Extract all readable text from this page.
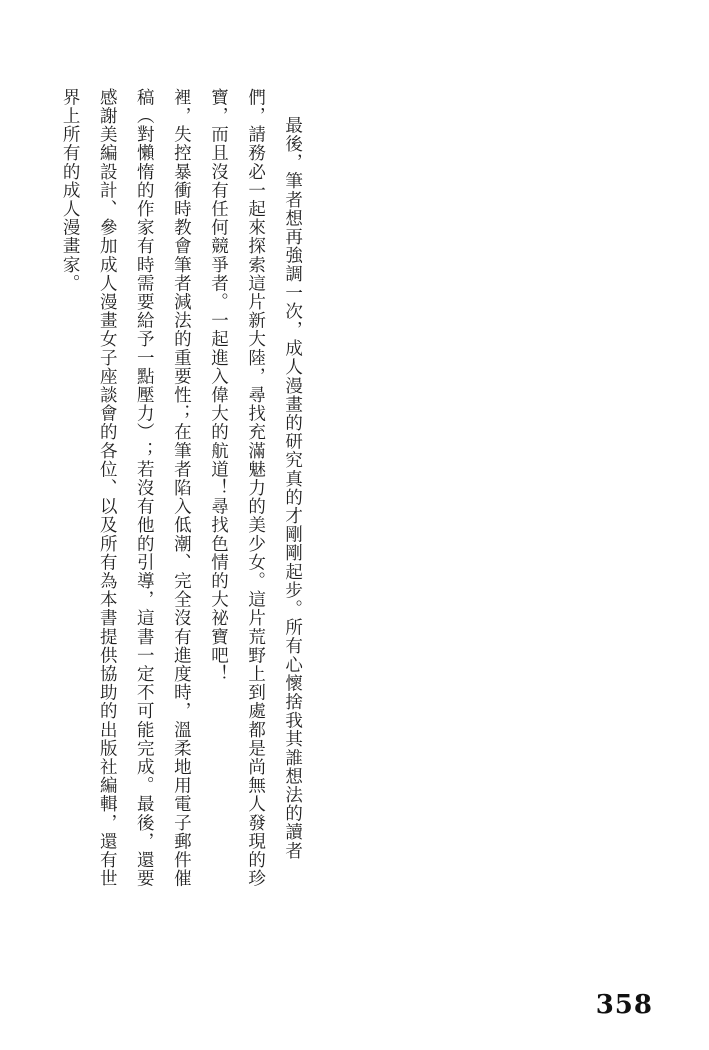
裡，失控暴衝時教會筆者減法的重要性；在筆者陷入低潮、完全沒有進度時，溫柔地用電子郵件催稿（對懶惰的作家有時需要給予一點壓力）；若沒有他的引導，這書一定不可能完成。最後，還要感謝美編設計、參加成人漫畫女子座談會的各位、以及所有為本書提供協助的出版社編輯，還有世界上所有的成人漫畫家。	最後，筆者想再強調一次，成人漫畫的研究真的才剛剛起步。所有心懷捨我其誰想法的讀者們，請務必一起來探索這片新大陸，尋找充滿魅力的美少女。這片荒野上到處都是尚無人發現的珍寶，而且沒有任何競爭者。一起進入偉大的航道！尋找色情的大祕寶吧！

358
